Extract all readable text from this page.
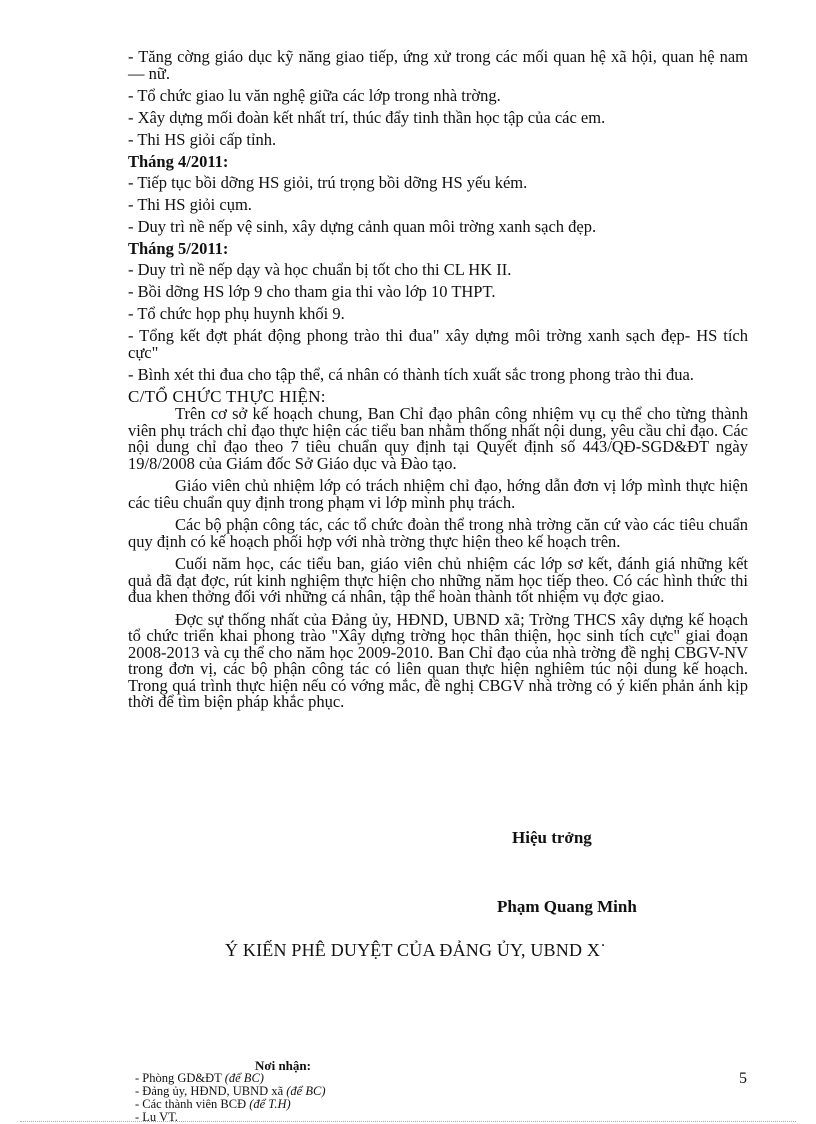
- Tăng cờng giáo dục kỹ năng giao tiếp, ứng xử trong các mối quan hệ xã hội, quan hệ nam — nữ.

- Tổ chức giao lu văn nghệ giữa các lớp trong nhà trờng.

- Xây dựng mối đoàn kết nhất trí, thúc đẩy tinh thần học tập của các em.

- Thi HS giỏi cấp tỉnh.

Tháng 4/2011:

- Tiếp tục bồi dỡng HS giỏi, trú trọng bồi dỡng HS yếu kém.

- Thi HS giỏi cụm.

- Duy trì nề nếp vệ sinh, xây dựng cảnh quan môi trờng xanh sạch đẹp.

Tháng 5/2011:

- Duy trì nề nếp dạy và học chuẩn bị tốt cho thi CL HK II.

- Bồi dỡng HS lớp 9 cho tham gia thi vào lớp 10 THPT.

- Tổ chức họp phụ huynh khối 9.

- Tổng kết đợt phát động phong trào thi đua" xây dựng môi trờng xanh sạch đẹp- HS tích cực"

- Bình xét thi đua cho tập thể, cá nhân có thành tích xuất sắc trong phong trào thi đua.

C/TỔ CHỨC THỰC HIỆN:

Trên cơ sở kế hoạch chung, Ban Chỉ đạo phân công nhiệm vụ cụ thể cho từng thành viên phụ trách chỉ đạo thực hiện các tiểu ban nhằm thống nhất nội dung, yêu cầu chỉ đạo. Các nội dung chỉ đạo theo 7 tiêu chuẩn quy định tại Quyết định số 443/QĐ-SGD&ĐT ngày 19/8/2008 của Giám đốc Sở Giáo dục và Đào tạo.

Giáo viên chủ nhiệm lớp có trách nhiệm chỉ đạo, hớng dẫn đơn vị lớp mình thực hiện các tiêu chuẩn quy định trong phạm vi lớp mình phụ trách.

Các bộ phận công tác, các tổ chức đoàn thể trong nhà trờng căn cứ vào các tiêu chuẩn quy định có kế hoạch phối hợp với nhà trờng thực hiện theo kế hoạch trên.

Cuối năm học, các tiểu ban, giáo viên chủ nhiệm các lớp sơ kết, đánh giá những kết quả đã đạt đợc, rút kinh nghiệm thực hiện cho những năm học tiếp theo. Có các hình thức thi đua khen thởng đối với những cá nhân, tập thể hoàn thành tốt nhiệm vụ đợc giao.

Đợc sự thống nhất của Đảng ủy, HĐND, UBND xã; Trờng THCS xây dựng kế hoạch tổ chức triển khai phong trào "Xây dựng trờng học thân thiện, học sinh tích cực" giai đoạn 2008-2013 và cụ thể cho năm học 2009-2010. Ban Chỉ đạo của nhà trờng đề nghị CBGV-NV trong đơn vị, các bộ phận công tác có liên quan thực hiện nghiêm túc nội dung kế hoạch. Trong quá trình thực hiện nếu có vớng mắc, đề nghị CBGV nhà trờng có ý kiến phản ánh kịp thời để tìm biện pháp khắc phục.

Hiệu trởng
Phạm Quang Minh
Ý KIẾN PHÊ DUYỆT CỦA ĐẢNG ỦY, UBND X˙
Nơi nhận:
- Phòng GD&ĐT (để BC)
- Đảng ủy, HĐND, UBND xã (để BC)
- Các thành viên BCĐ (để T.H)
- Lu VT.
5
